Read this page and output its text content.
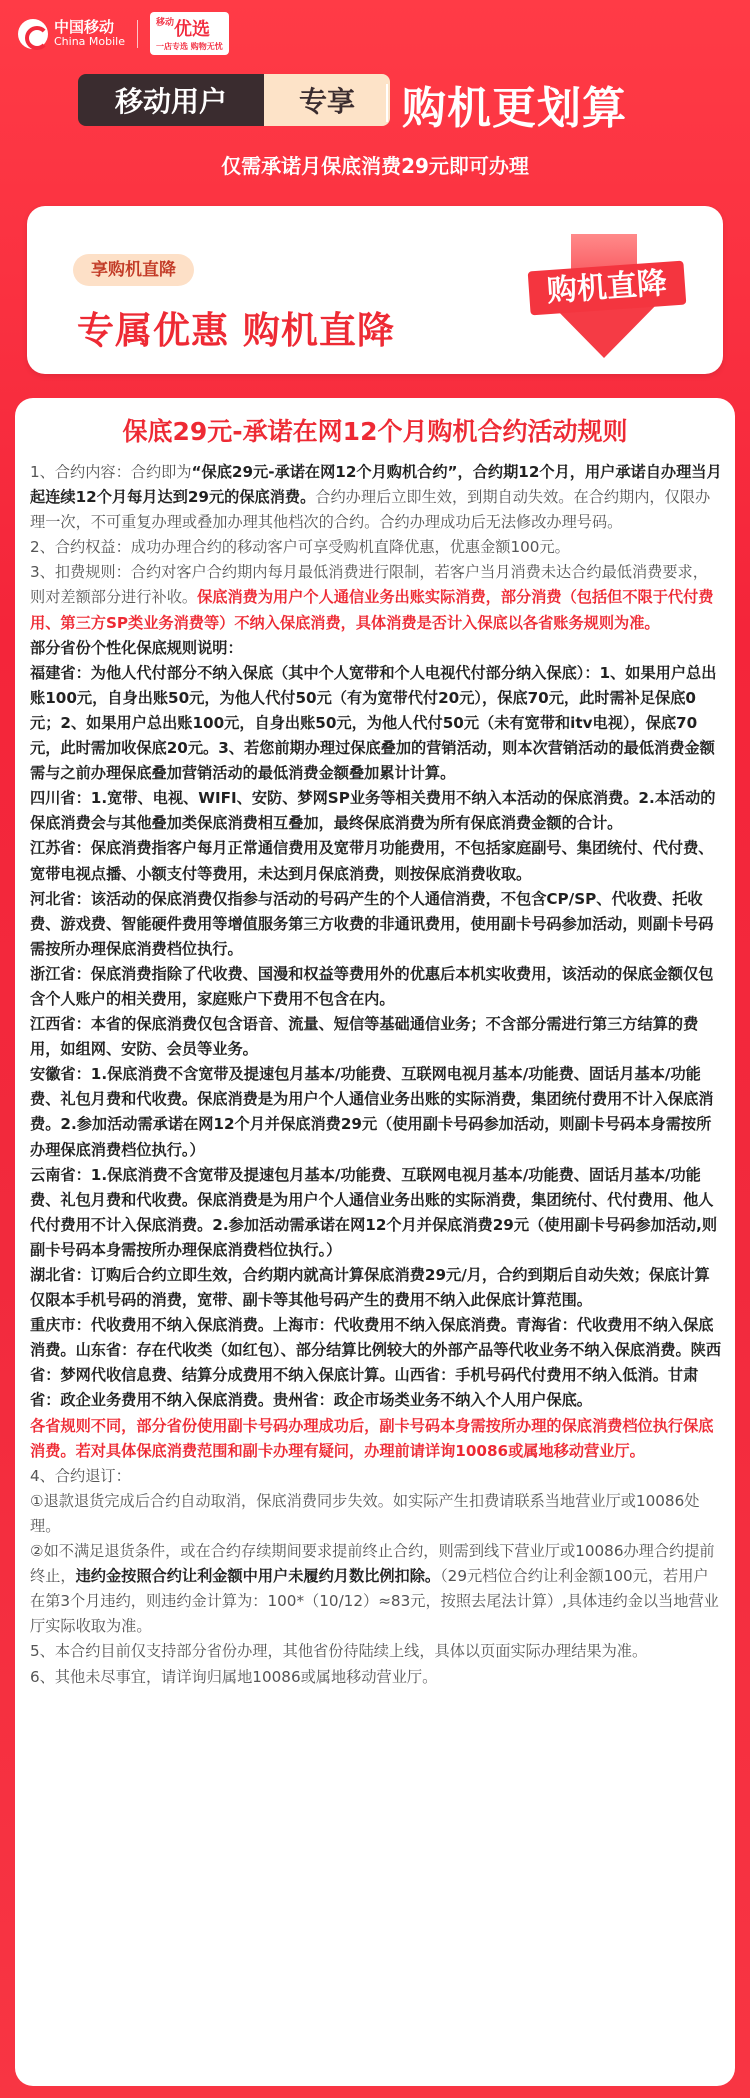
中国移动
China Mobile
$^{移动}$优选
一店专选 购物无忧
移动用户	专享	购机更划算
仅需承诺月保底消费29元即可办理
享购机直降
专属优惠 购机直降
购机直降
保底29元-承诺在网12个月购机合约活动规则

1、合约内容：合约即为“保底29元-承诺在网12个月购机合约”，合约期12个月，用户承诺自办理当月起连续12个月每月达到29元的保底消费。合约办理后立即生效，到期自动失效。在合约期内，仅限办理一次，不可重复办理或叠加办理其他档次的合约。合约办理成功后无法修改办理号码。

2、合约权益：成功办理合约的移动客户可享受购机直降优惠，优惠金额100元。

3、扣费规则：合约对客户合约期内每月最低消费进行限制，若客户当月消费未达合约最低消费要求，则对差额部分进行补收。保底消费为用户个人通信业务出账实际消费，部分消费（包括但不限于代付费用、第三方SP类业务消费等）不纳入保底消费，具体消费是否计入保底以各省账务规则为准。

部分省份个性化保底规则说明：

福建省：为他人代付部分不纳入保底（其中个人宽带和个人电视代付部分纳入保底）：1、如果用户总出账100元，自身出账50元，为他人代付50元（有为宽带代付20元），保底70元，此时需补足保底0元；2、如果用户总出账100元，自身出账50元，为他人代付50元（未有宽带和itv电视），保底70元，此时需加收保底20元。3、若您前期办理过保底叠加的营销活动，则本次营销活动的最低消费金额需与之前办理保底叠加营销活动的最低消费金额叠加累计计算。

四川省：1.宽带、电视、WIFI、安防、梦网SP业务等相关费用不纳入本活动的保底消费。2.本活动的保底消费会与其他叠加类保底消费相互叠加，最终保底消费为所有保底消费金额的合计。

江苏省：保底消费指客户每月正常通信费用及宽带月功能费用，不包括家庭副号、集团统付、代付费、宽带电视点播、小额支付等费用，未达到月保底消费，则按保底消费收取。

河北省：该活动的保底消费仅指参与活动的号码产生的个人通信消费，不包含CP/SP、代收费、托收费、游戏费、智能硬件费用等增值服务第三方收费的非通讯费用，使用副卡号码参加活动，则副卡号码需按所办理保底消费档位执行。

浙江省：保底消费指除了代收费、国漫和权益等费用外的优惠后本机实收费用，该活动的保底金额仅包含个人账户的相关费用，家庭账户下费用不包含在内。

江西省：本省的保底消费仅包含语音、流量、短信等基础通信业务；不含部分需进行第三方结算的费用，如组网、安防、会员等业务。

安徽省：1.保底消费不含宽带及提速包月基本/功能费、互联网电视月基本/功能费、固话月基本/功能费、礼包月费和代收费。保底消费是为用户个人通信业务出账的实际消费，集团统付费用不计入保底消费。2.参加活动需承诺在网12个月并保底消费29元（使用副卡号码参加活动，则副卡号码本身需按所办理保底消费档位执行。）

云南省：1.保底消费不含宽带及提速包月基本/功能费、互联网电视月基本/功能费、固话月基本/功能费、礼包月费和代收费。保底消费是为用户个人通信业务出账的实际消费，集团统付、代付费用、他人代付费用不计入保底消费。2.参加活动需承诺在网12个月并保底消费29元（使用副卡号码参加活动,则副卡号码本身需按所办理保底消费档位执行。）

湖北省：订购后合约立即生效，合约期内就高计算保底消费29元/月，合约到期后自动失效；保底计算仅限本手机号码的消费，宽带、副卡等其他号码产生的费用不纳入此保底计算范围。

重庆市：代收费用不纳入保底消费。上海市：代收费用不纳入保底消费。青海省：代收费用不纳入保底消费。山东省：存在代收类（如红包）、部分结算比例较大的外部产品等代收业务不纳入保底消费。陕西省：梦网代收信息费、结算分成费用不纳入保底计算。山西省：手机号码代付费用不纳入低消。甘肃省：政企业务费用不纳入保底消费。贵州省：政企市场类业务不纳入个人用户保底。

各省规则不同，部分省份使用副卡号码办理成功后，副卡号码本身需按所办理的保底消费档位执行保底消费。若对具体保底消费范围和副卡办理有疑问，办理前请详询10086或属地移动营业厅。

4、合约退订：

①退款退货完成后合约自动取消，保底消费同步失效。如实际产生扣费请联系当地营业厅或10086处理。

②如不满足退货条件，或在合约存续期间要求提前终止合约，则需到线下营业厅或10086办理合约提前终止，违约金按照合约让利金额中用户未履约月数比例扣除。（29元档位合约让利金额100元，若用户在第3个月违约，则违约金计算为：100*（10/12）≈83元，按照去尾法计算）,具体违约金以当地营业厅实际收取为准。

5、本合约目前仅支持部分省份办理，其他省份待陆续上线，具体以页面实际办理结果为准。

6、其他未尽事宜，请详询归属地10086或属地移动营业厅。
